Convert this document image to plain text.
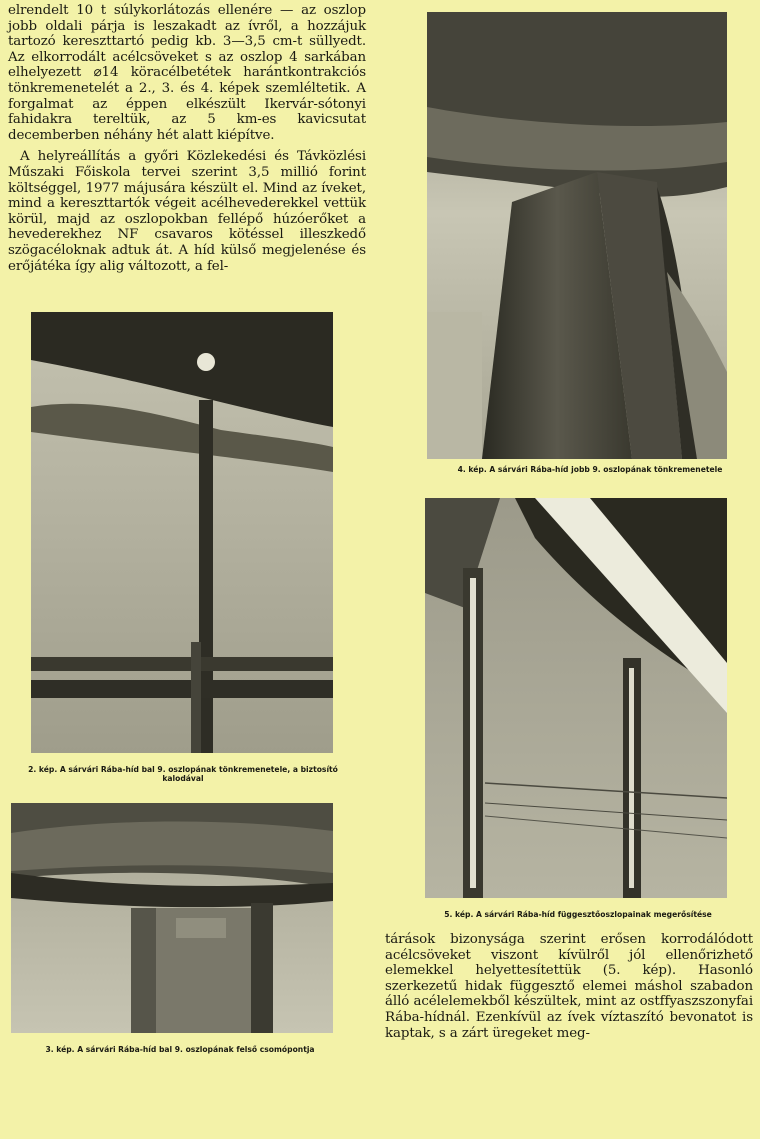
elrendelt 10 t súlykorlátozás ellenére — az oszlop jobb oldali párja is leszakadt az ívről, a hozzájuk tartozó kereszttartó pedig kb. 3—3,5 cm-t süllyedt. Az elkorrodált acélcsöveket s az oszlop 4 sarkában elhelyezett ⌀14 köracélbetétek harántkontrakciós tönkremenetelét a 2., 3. és 4. képek szemléltetik. A forgalmat az éppen elkészült Ikervár-sótonyi fahidakra tereltük, az 5 km-es kavicsutat decemberben néhány hét alatt kiépítve.

A helyreállítás a győri Közlekedési és Távközlési Műszaki Főiskola tervei szerint 3,5 millió forint költséggel, 1977 májusára készült el. Mind az íveket, mind a kereszttartók végeit acélhevederekkel vettük körül, majd az oszlopokban fellépő húzóerőket a hevederekhez NF csavaros kötéssel illeszkedő szögacéloknak adtuk át. A híd külső megjelenése és erőjátéka így alig változott, a fel-

4. kép. A sárvári Rába-híd jobb 9. oszlopának tönkremenetele
2. kép. A sárvári Rába-híd bal 9. oszlopának tönkremenetele, a biztosító kalodával
5. kép. A sárvári Rába-híd függesztőoszlopainak megerősítése
3. kép. A sárvári Rába-híd bal 9. oszlopának felső csomópontja

tárások bizonysága szerint erősen korrodálódott acélcsöveket viszont kívülről jól ellenőrizhető elemekkel helyettesítettük (5. kép). Hasonló szerkezetű hidak függesztő elemei máshol szabadon álló acélelemekből készültek, mint az ostffyaszszonyfai Rába-hídnál. Ezenkívül az ívek víztaszító bevonatot is kaptak, s a zárt üregeket meg-
